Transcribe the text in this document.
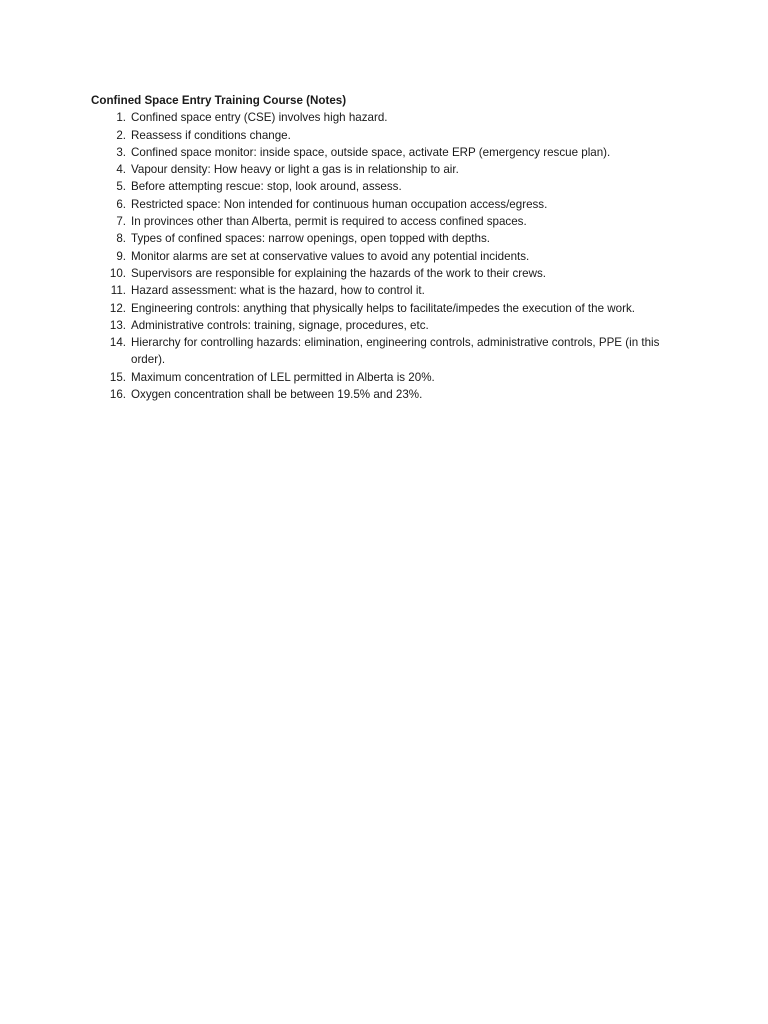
Confined Space Entry Training Course (Notes)
1. Confined space entry (CSE) involves high hazard.
2. Reassess if conditions change.
3. Confined space monitor: inside space, outside space, activate ERP (emergency rescue plan).
4. Vapour density: How heavy or light a gas is in relationship to air.
5. Before attempting rescue: stop, look around, assess.
6. Restricted space: Non intended for continuous human occupation access/egress.
7. In provinces other than Alberta, permit is required to access confined spaces.
8. Types of confined spaces: narrow openings, open topped with depths.
9. Monitor alarms are set at conservative values to avoid any potential incidents.
10. Supervisors are responsible for explaining the hazards of the work to their crews.
11. Hazard assessment: what is the hazard, how to control it.
12. Engineering controls: anything that physically helps to facilitate/impedes the execution of the work.
13. Administrative controls: training, signage, procedures, etc.
14. Hierarchy for controlling hazards: elimination, engineering controls, administrative controls, PPE (in this order).
15. Maximum concentration of LEL permitted in Alberta is 20%.
16. Oxygen concentration shall be between 19.5% and 23%.
